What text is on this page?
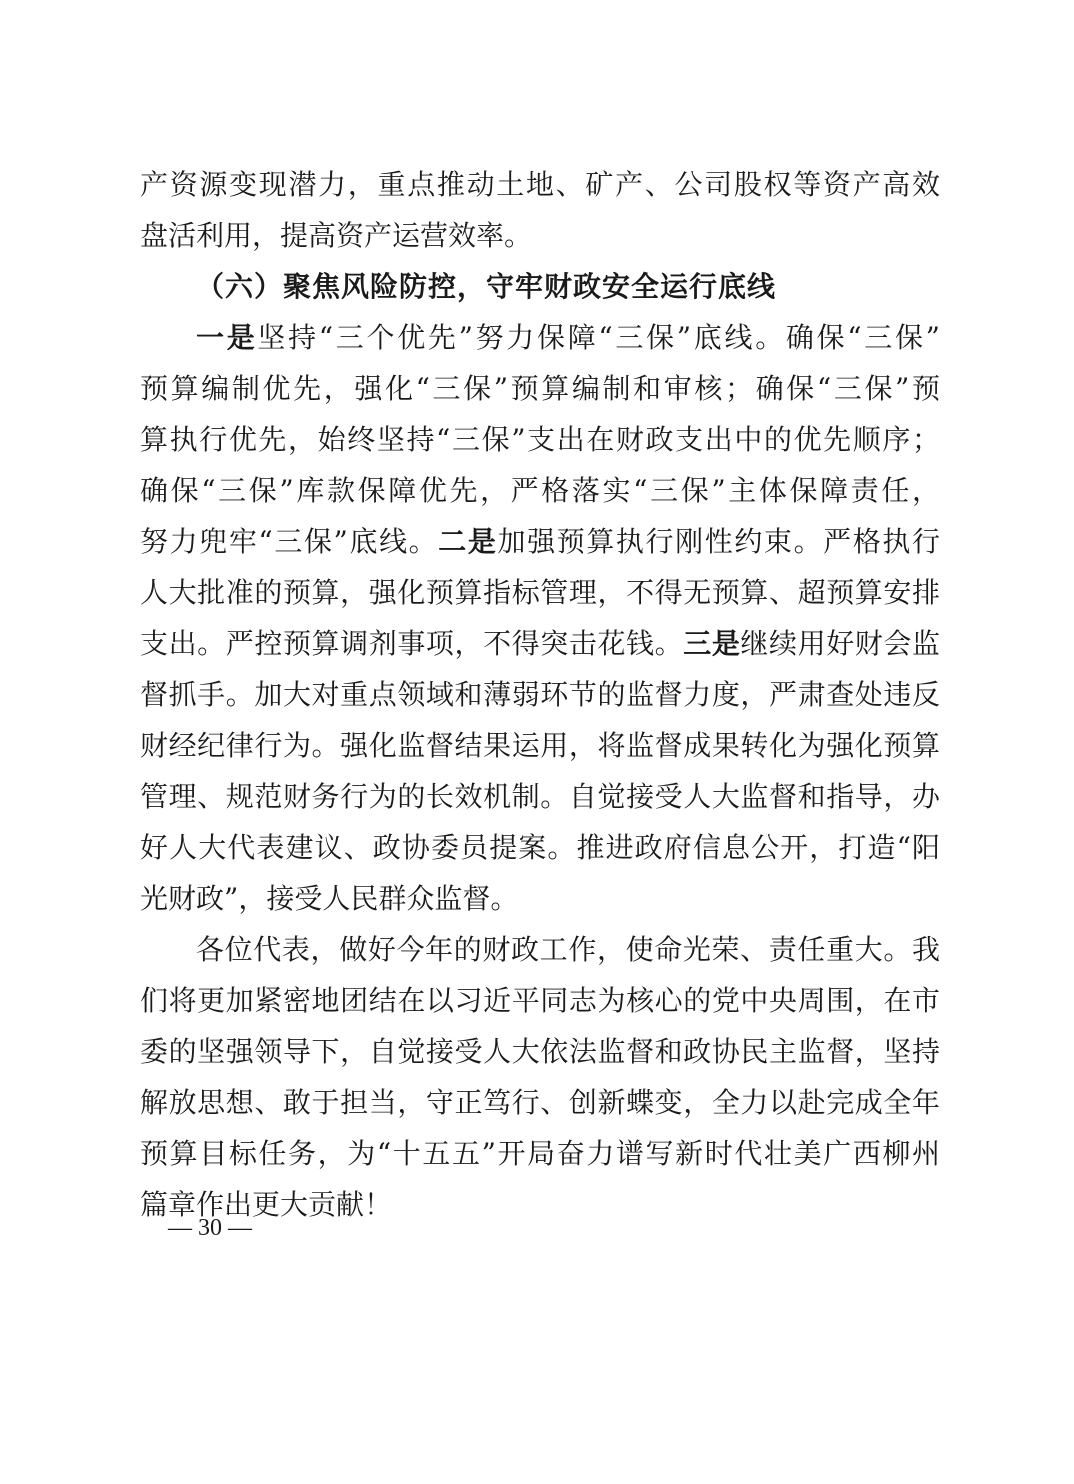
产资源变现潜力，重点推动土地、矿产、公司股权等资产高效
盘活利用，提高资产运营效率。
（六）聚焦风险防控，守牢财政安全运行底线
一是坚持“三个优先”努力保障“三保”底线。确保“三保”
预算编制优先，强化“三保”预算编制和审核；确保“三保”预
算执行优先，始终坚持“三保”支出在财政支出中的优先顺序；
确保“三保”库款保障优先，严格落实“三保”主体保障责任，
努力兜牢“三保”底线。二是加强预算执行刚性约束。严格执行
人大批准的预算，强化预算指标管理，不得无预算、超预算安排
支出。严控预算调剂事项，不得突击花钱。三是继续用好财会监
督抓手。加大对重点领域和薄弱环节的监督力度，严肃查处违反
财经纪律行为。强化监督结果运用，将监督成果转化为强化预算
管理、规范财务行为的长效机制。自觉接受人大监督和指导，办
好人大代表建议、政协委员提案。推进政府信息公开，打造“阳
光财政”，接受人民群众监督。
各位代表，做好今年的财政工作，使命光荣、责任重大。我
们将更加紧密地团结在以习近平同志为核心的党中央周围，在市
委的坚强领导下，自觉接受人大依法监督和政协民主监督，坚持
解放思想、敢于担当，守正笃行、创新蝶变，全力以赴完成全年
预算目标任务，为“十五五”开局奋力谱写新时代壮美广西柳州
篇章作出更大贡献！
— 30 —
